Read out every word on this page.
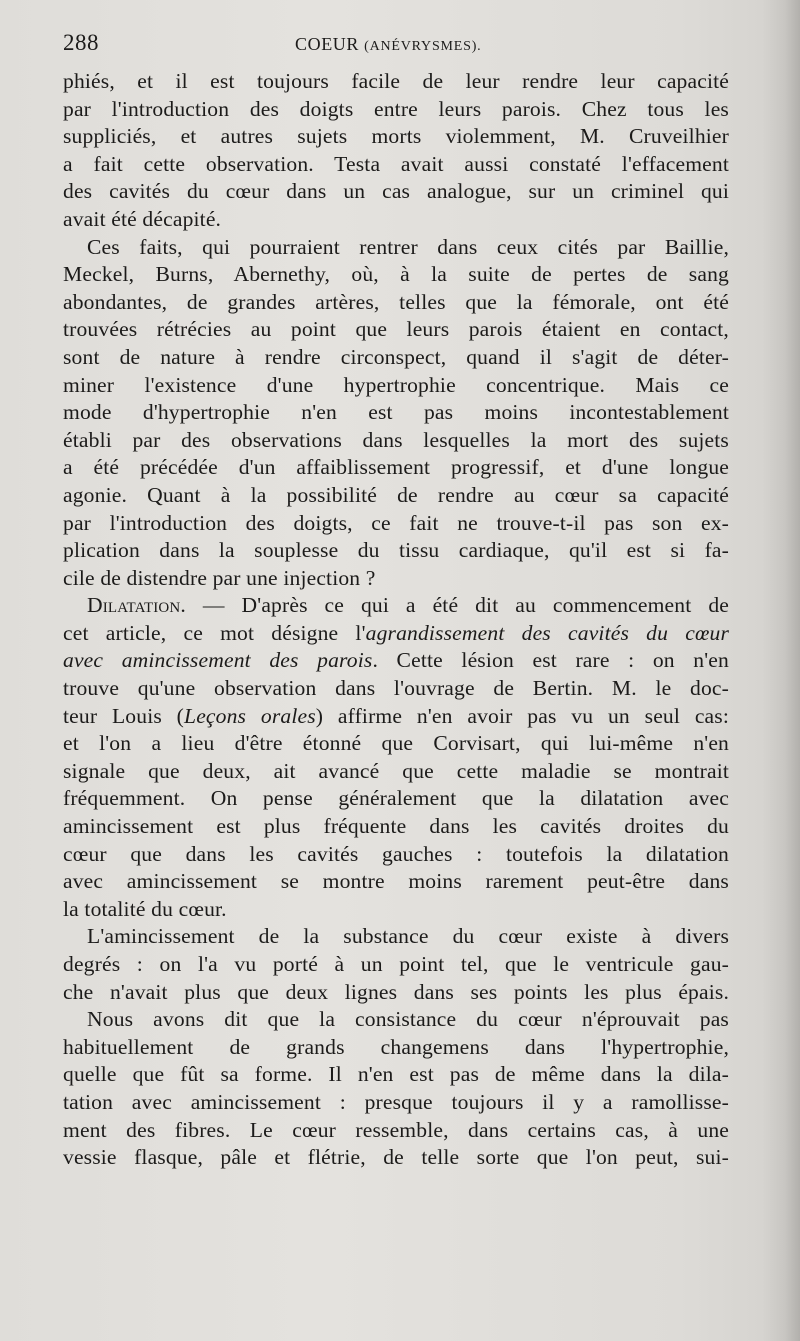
288	COEUR (ANÉVRYSMES).
phiés, et il est toujours facile de leur rendre leur capacité
par l'introduction des doigts entre leurs parois. Chez tous les
suppliciés, et autres sujets morts violemment, M. Cruveilhier
a fait cette observation. Testa avait aussi constaté l'effacement
des cavités du cœur dans un cas analogue, sur un criminel qui
avait été décapité.
Ces faits, qui pourraient rentrer dans ceux cités par Baillie,
Meckel, Burns, Abernethy, où, à la suite de pertes de sang
abondantes, de grandes artères, telles que la fémorale, ont été
trouvées rétrécies au point que leurs parois étaient en contact,
sont de nature à rendre circonspect, quand il s'agit de déter-
miner l'existence d'une hypertrophie concentrique. Mais ce
mode d'hypertrophie n'en est pas moins incontestablement
établi par des observations dans lesquelles la mort des sujets
a été précédée d'un affaiblissement progressif, et d'une longue
agonie. Quant à la possibilité de rendre au cœur sa capacité
par l'introduction des doigts, ce fait ne trouve-t-il pas son ex-
plication dans la souplesse du tissu cardiaque, qu'il est si fa-
cile de distendre par une injection ?
Dilatation. — D'après ce qui a été dit au commencement de
cet article, ce mot désigne l'agrandissement des cavités du cœur
avec amincissement des parois. Cette lésion est rare : on n'en
trouve qu'une observation dans l'ouvrage de Bertin. M. le doc-
teur Louis (Leçons orales) affirme n'en avoir pas vu un seul cas:
et l'on a lieu d'être étonné que Corvisart, qui lui-même n'en
signale que deux, ait avancé que cette maladie se montrait
fréquemment. On pense généralement que la dilatation avec
amincissement est plus fréquente dans les cavités droites du
cœur que dans les cavités gauches : toutefois la dilatation
avec amincissement se montre moins rarement peut-être dans
la totalité du cœur.
L'amincissement de la substance du cœur existe à divers
degrés : on l'a vu porté à un point tel, que le ventricule gau-
che n'avait plus que deux lignes dans ses points les plus épais.
Nous avons dit que la consistance du cœur n'éprouvait pas
habituellement de grands changemens dans l'hypertrophie,
quelle que fût sa forme. Il n'en est pas de même dans la dila-
tation avec amincissement : presque toujours il y a ramollisse-
ment des fibres. Le cœur ressemble, dans certains cas, à une
vessie flasque, pâle et flétrie, de telle sorte que l'on peut, sui-
